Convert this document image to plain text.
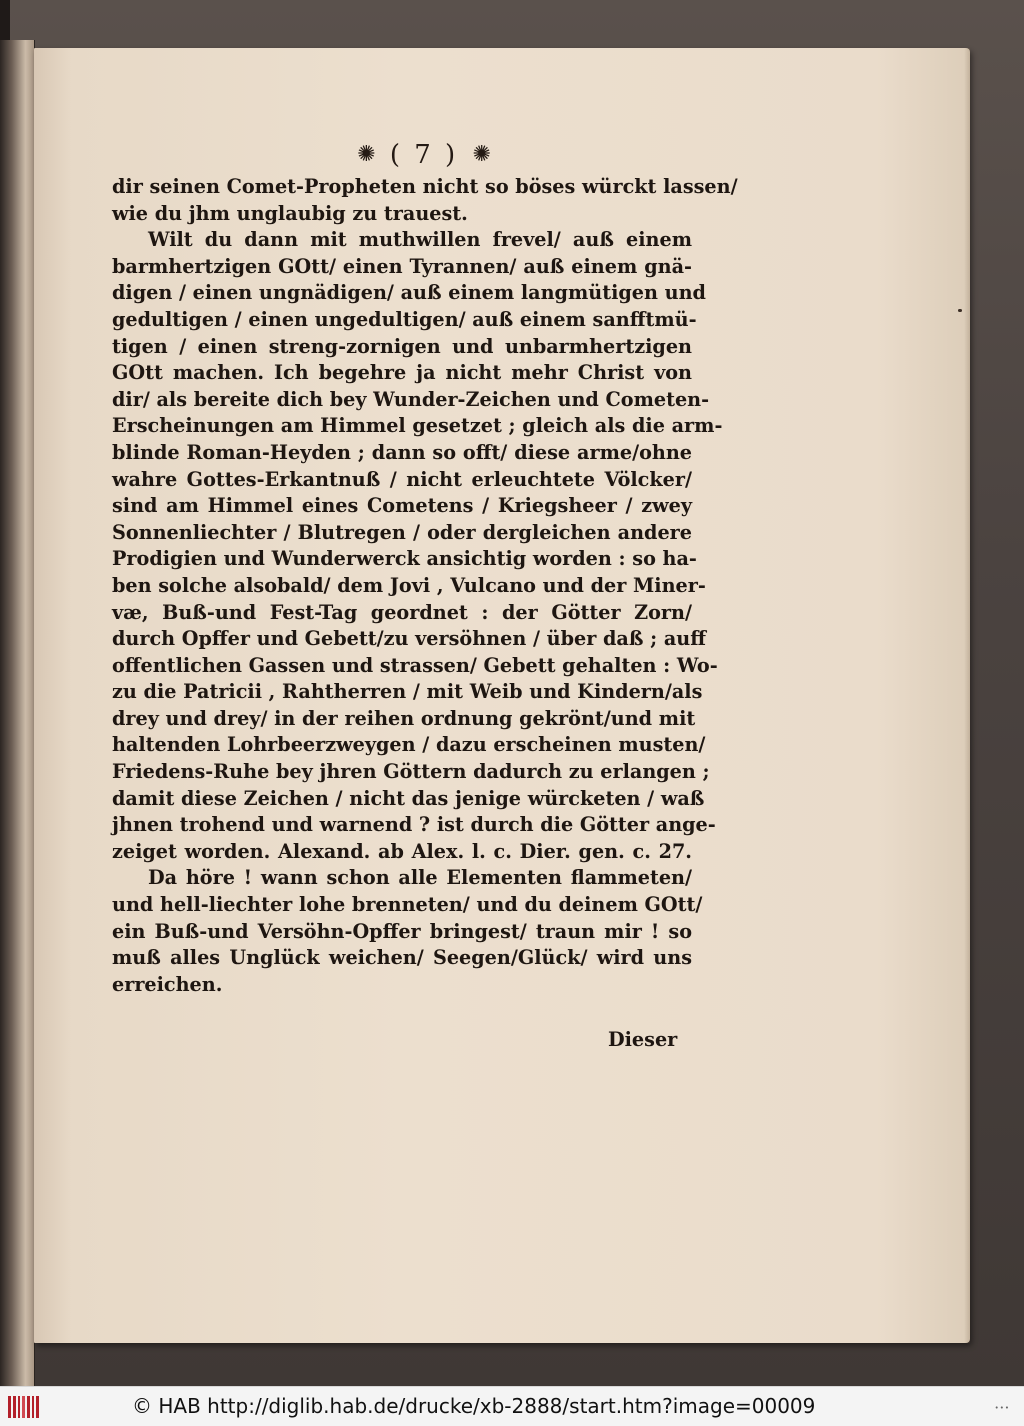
✺ ( 7 ) ✺
dir seinen Comet-Propheten nicht so böses würckt lassen/
wie du jhm unglaubig zu trauest.
Wilt du dann mit muthwillen frevel/ auß einem
barmhertzigen GOtt/ einen Tyrannen/ auß einem gnä-
digen / einen ungnädigen/ auß einem langmütigen und
gedultigen / einen ungedultigen/ auß einem sanfftmü-
tigen / einen streng-zornigen und unbarmhertzigen
GOtt machen. Ich begehre ja nicht mehr Christ von
dir/ als bereite dich bey Wunder-Zeichen und Cometen-
Erscheinungen am Himmel gesetzet ; gleich als die arm-
blinde Roman-Heyden ; dann so offt/ diese arme/ohne
wahre Gottes-Erkantnuß / nicht erleuchtete Völcker/
sind am Himmel eines Cometens / Kriegsheer / zwey
Sonnenliechter / Blutregen / oder dergleichen andere
Prodigien und Wunderwerck ansichtig worden : so ha-
ben solche alsobald/ dem Jovi , Vulcano und der Miner-
væ, Buß-und Fest-Tag geordnet : der Götter Zorn/
durch Opffer und Gebett/zu versöhnen / über daß ; auff
offentlichen Gassen und strassen/ Gebett gehalten : Wo-
zu die Patricii , Rahtherren / mit Weib und Kindern/als
drey und drey/ in der reihen ordnung gekrönt/und mit
haltenden Lohrbeerzweygen / dazu erscheinen musten/
Friedens-Ruhe bey jhren Göttern dadurch zu erlangen ;
damit diese Zeichen / nicht das jenige würcketen / waß
jhnen trohend und warnend ? ist durch die Götter ange-
zeiget worden. Alexand. ab Alex. l. c. Dier. gen. c. 27.
Da höre ! wann schon alle Elementen flammeten/
und hell-liechter lohe brenneten/ und du deinem GOtt/
ein Buß-und Versöhn-Opffer bringest/ traun mir ! so
muß alles Unglück weichen/ Seegen/Glück/ wird uns
erreichen.
Dieser
© HAB http://diglib.hab.de/drucke/xb-2888/start.htm?image=00009	•••
